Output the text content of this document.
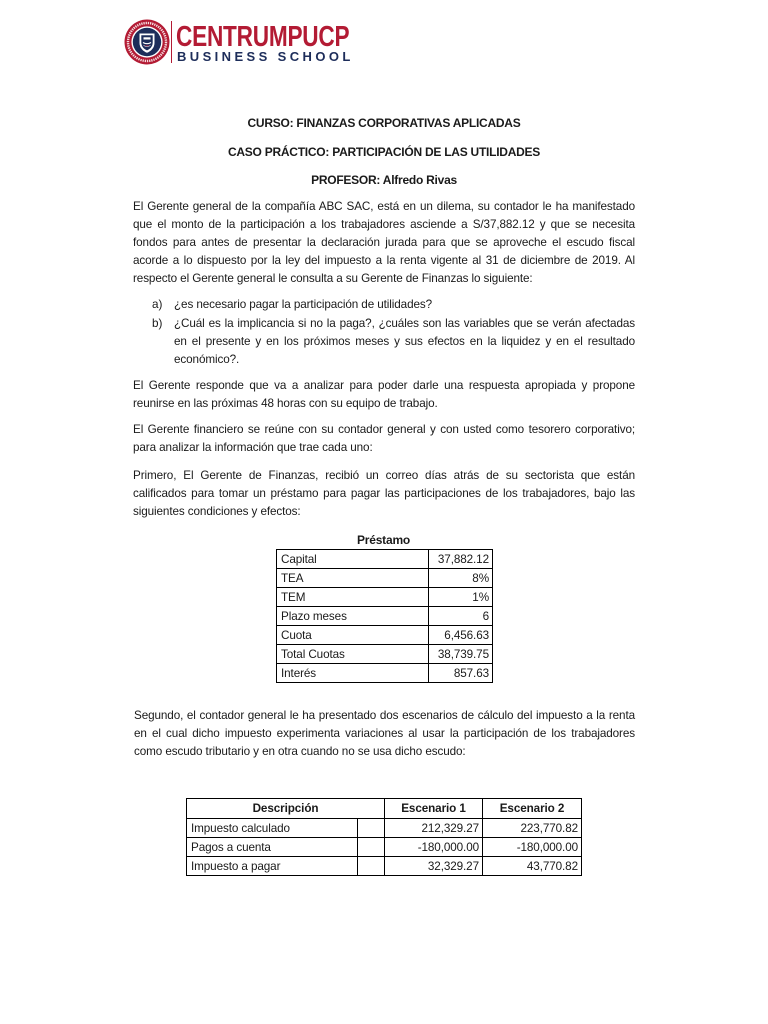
CENTRUMPUCP
BUSINESS SCHOOL
CURSO: FINANZAS CORPORATIVAS APLICADAS
CASO PRÁCTICO: PARTICIPACIÓN DE LAS UTILIDADES
PROFESOR: Alfredo Rivas
El Gerente general de la compañía ABC SAC, está en un dilema, su contador le ha manifestado
que el monto de la participación a los trabajadores asciende a S/37,882.12 y que se necesita
fondos para antes de presentar la declaración jurada para que se aproveche el escudo fiscal
acorde a lo dispuesto por la ley del impuesto a la renta vigente al 31 de diciembre de 2019. Al
respecto el Gerente general le consulta a su Gerente de Finanzas lo siguiente:
a) ¿es necesario pagar la participación de utilidades?
b) ¿Cuál es la implicancia si no la paga?, ¿cuáles son las variables que se verán afectadas
en el presente y en los próximos meses y sus efectos en la liquidez y en el resultado
económico?.
El Gerente responde que va a analizar para poder darle una respuesta apropiada y propone
reunirse en las próximas 48 horas con su equipo de trabajo.
El Gerente financiero se reúne con su contador general y con usted como tesorero corporativo;
para analizar la información que trae cada uno:
Primero, El Gerente de Finanzas, recibió un correo días atrás de su sectorista que están
calificados para tomar un préstamo para pagar las participaciones de los trabajadores, bajo las
siguientes condiciones y efectos:
Préstamo
Capital	37,882.12
TEA	8%
TEM	1%
Plazo meses	6
Cuota	6,456.63
Total Cuotas	38,739.75
Interés	857.63
Segundo, el contador general le ha presentado dos escenarios de cálculo del impuesto a la renta
en el cual dicho impuesto experimenta variaciones al usar la participación de los trabajadores
como escudo tributario y en otra cuando no se usa dicho escudo:
Descripción		Escenario 1	Escenario 2
Impuesto calculado		212,329.27	223,770.82
Pagos a cuenta		-180,000.00	-180,000.00
Impuesto a pagar		32,329.27	43,770.82
